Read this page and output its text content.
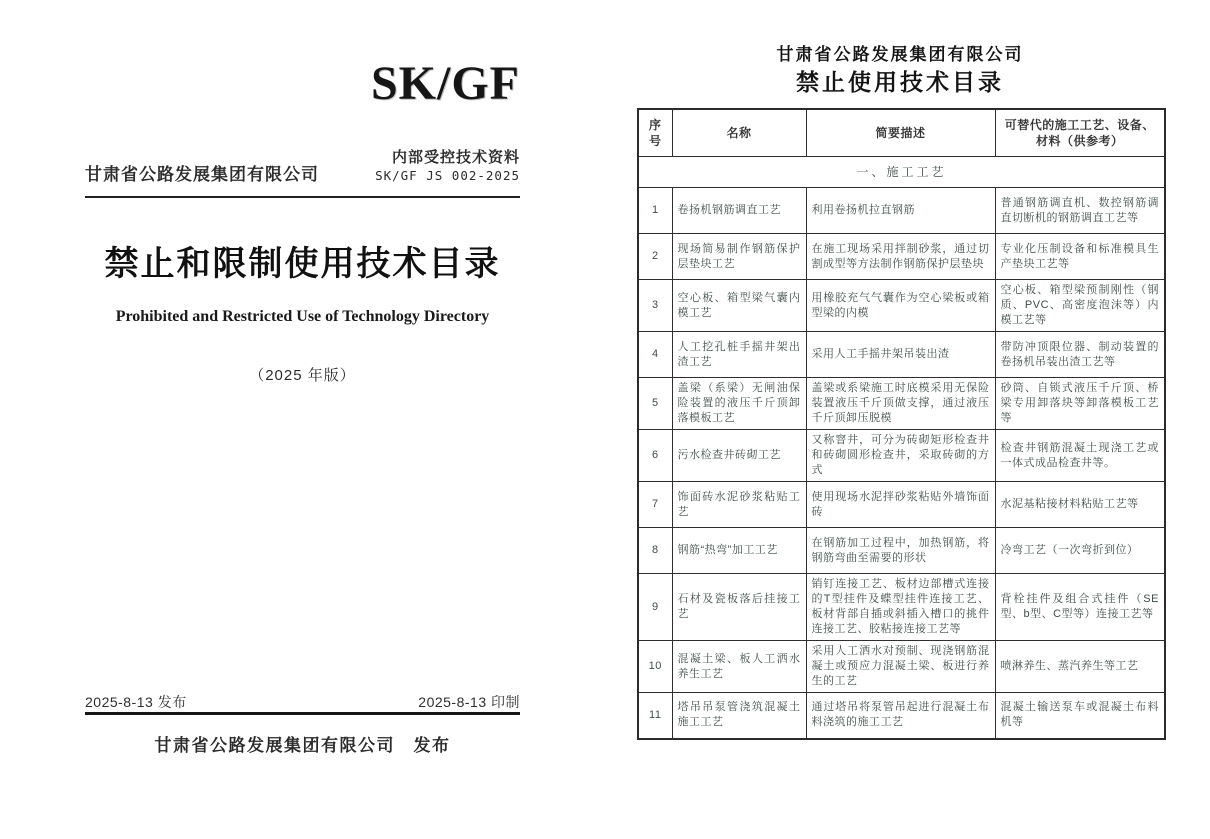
SK/GF
甘肃省公路发展集团有限公司
内部受控技术资料
SK/GF JS 002-2025
禁止和限制使用技术目录
Prohibited and Restricted Use of Technology Directory
（2025 年版）
2025-8-13 发布	2025-8-13 印制
甘肃省公路发展集团有限公司　发布
甘肃省公路发展集团有限公司
禁止使用技术目录
序号	名称	简要描述	可替代的施工工艺、设备、材料（供参考）
一、施工工艺			
1	卷扬机钢筋调直工艺	利用卷扬机拉直钢筋	普通钢筋调直机、数控钢筋调直切断机的钢筋调直工艺等
2	现场简易制作钢筋保护层垫块工艺	在施工现场采用拌制砂浆，通过切割成型等方法制作钢筋保护层垫块	专业化压制设备和标准模具生产垫块工艺等
3	空心板、箱型梁气囊内模工艺	用橡胶充气气囊作为空心梁板或箱型梁的内模	空心板、箱型梁预制刚性（钢质、PVC、高密度泡沫等）内模工艺等
4	人工挖孔桩手摇井架出渣工艺	采用人工手摇井架吊装出渣	带防冲顶限位器、制动装置的卷扬机吊装出渣工艺等
5	盖梁（系梁）无闸油保险装置的液压千斤顶卸落模板工艺	盖梁或系梁施工时底模采用无保险装置液压千斤顶做支撑，通过液压千斤顶卸压脱模	砂筒、自锁式液压千斤顶、桥梁专用卸落块等卸落模板工艺等
6	污水检查井砖砌工艺	又称窨井，可分为砖砌矩形检查井和砖砌圆形检查井，采取砖砌的方式	检查井钢筋混凝土现浇工艺或一体式成品检查井等。
7	饰面砖水泥砂浆粘贴工艺	使用现场水泥拌砂浆粘贴外墙饰面砖	水泥基粘接材料粘贴工艺等
8	钢筋“热弯”加工工艺	在钢筋加工过程中，加热钢筋，将钢筋弯曲至需要的形状	冷弯工艺（一次弯折到位）
9	石材及瓷板落后挂接工艺	销钉连接工艺、板材边部槽式连接的T型挂件及蝶型挂件连接工艺、板材背部自插或斜插入槽口的挑件连接工艺、胶粘接连接工艺等	背栓挂件及组合式挂件（SE型、b型、C型等）连接工艺等
10	混凝土梁、板人工洒水养生工艺	采用人工洒水对预制、现浇钢筋混凝土或预应力混凝土梁、板进行养生的工艺	喷淋养生、蒸汽养生等工艺
11	塔吊吊泵管浇筑混凝土施工工艺	通过塔吊将泵管吊起进行混凝土布料浇筑的施工工艺	混凝土输送泵车或混凝土布料机等
